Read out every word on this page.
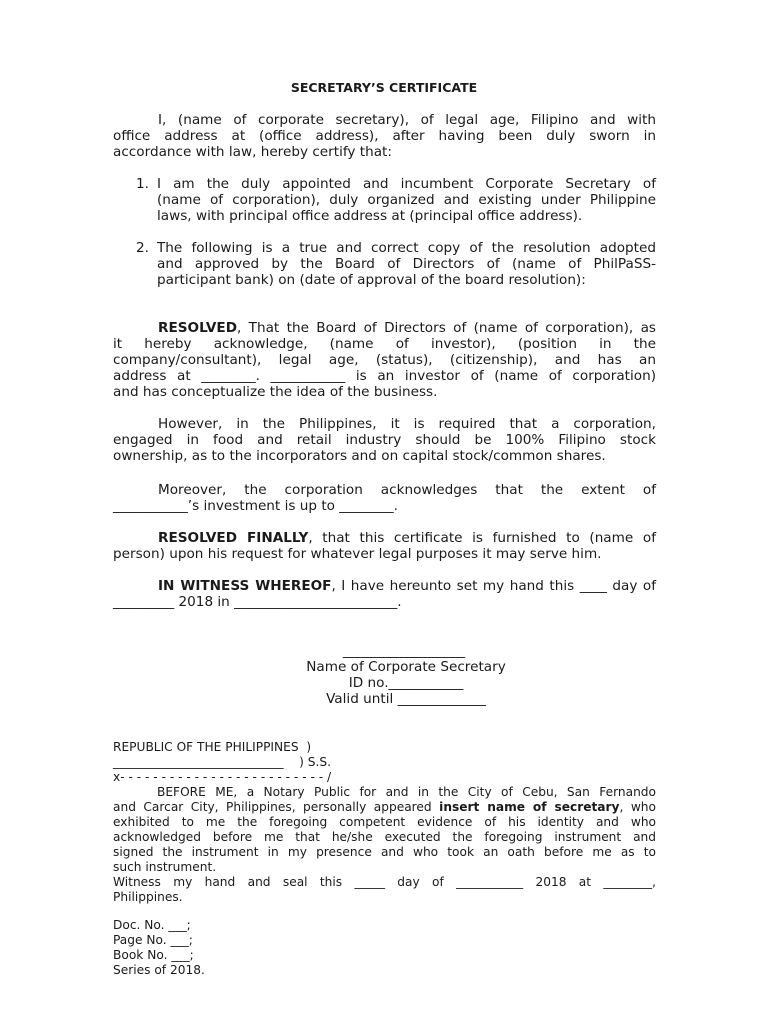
SECRETARY’S CERTIFICATE
I, (name of corporate secretary), of legal age, Filipino and with
office address at (office address), after having been duly sworn in
accordance with law, hereby certify that:
1. I am the duly appointed and incumbent Corporate Secretary of
(name of corporation), duly organized and existing under Philippine
laws, with principal office address at (principal office address).
2. The following is a true and correct copy of the resolution adopted
and approved by the Board of Directors of (name of PhilPaSS-
participant bank) on (date of approval of the board resolution):
RESOLVED, That the Board of Directors of (name of corporation), as
it hereby acknowledge, (name of investor), (position in the
company/consultant), legal age, (status), (citizenship), and has an
address at ________. ___________ is an investor of (name of corporation)
and has conceptualize the idea of the business.
However, in the Philippines, it is required that a corporation,
engaged in food and retail industry should be 100% Filipino stock
ownership, as to the incorporators and on capital stock/common shares.
Moreover, the corporation acknowledges that the extent of
___________’s investment is up to ________.
RESOLVED FINALLY, that this certificate is furnished to (name of
person) upon his request for whatever legal purposes it may serve him.
IN WITNESS WHEREOF, I have hereunto set my hand this ____ day of
_________ 2018 in ________________________.
__________________
Name of Corporate Secretary
ID no.___________
Valid until _____________
REPUBLIC OF THE PHILIPPINES  )
____________________________    ) S.S.
x- - - - - - - - - - - - - - - - - - - - - - - - - /
BEFORE ME, a Notary Public for and in the City of Cebu, San Fernando
and Carcar City, Philippines, personally appeared insert name of secretary, who
exhibited to me the foregoing competent evidence of his identity and who
acknowledged before me that he/she executed the foregoing instrument and
signed the instrument in my presence and who took an oath before me as to
such instrument.
Witness my hand and seal this _____ day of ___________ 2018 at ________,
Philippines.
Doc. No. ___;
Page No. ___;
Book No. ___;
Series of 2018.
